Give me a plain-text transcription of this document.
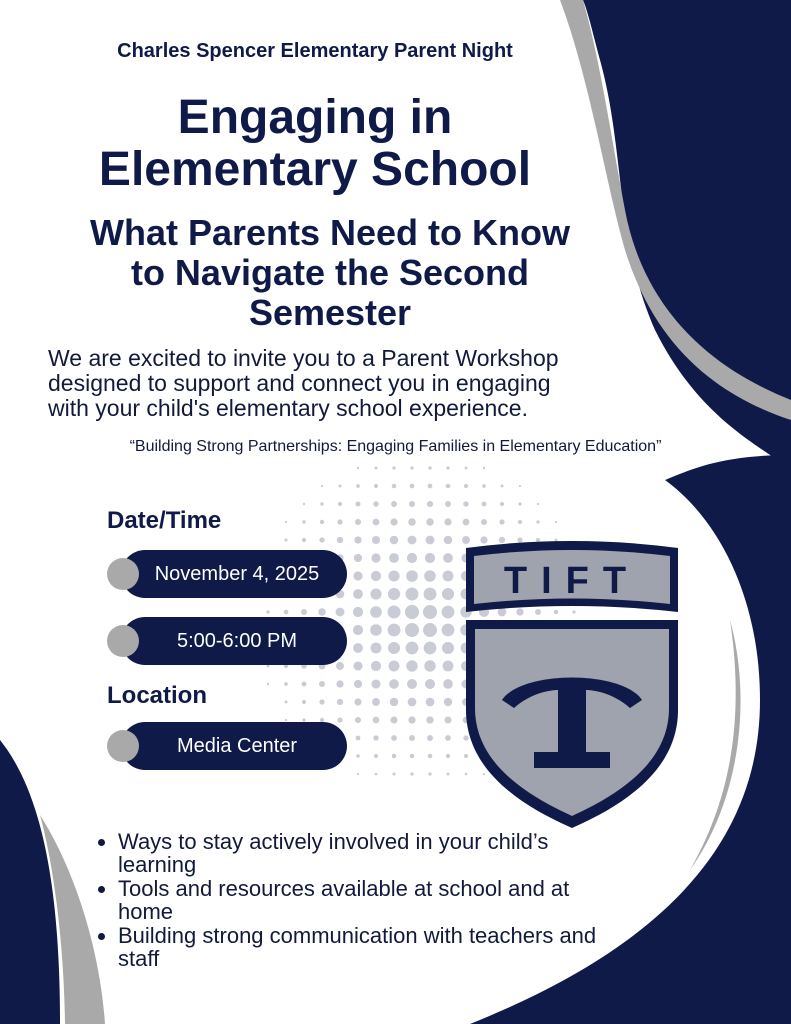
Charles Spencer Elementary Parent Night
Engaging in
Elementary School
What Parents Need to Know
to Navigate the Second
Semester
We are excited to invite you to a Parent Workshop
designed to support and connect you in engaging
with your child's elementary school experience.
“Building Strong Partnerships: Engaging Families in Elementary Education”
Date/Time
November 4, 2025
5:00-6:00 PM
Location
Media Center
TIFT
• Ways to stay actively involved in your child’s learning
• Tools and resources available at school and at home
• Building strong communication with teachers and staff
